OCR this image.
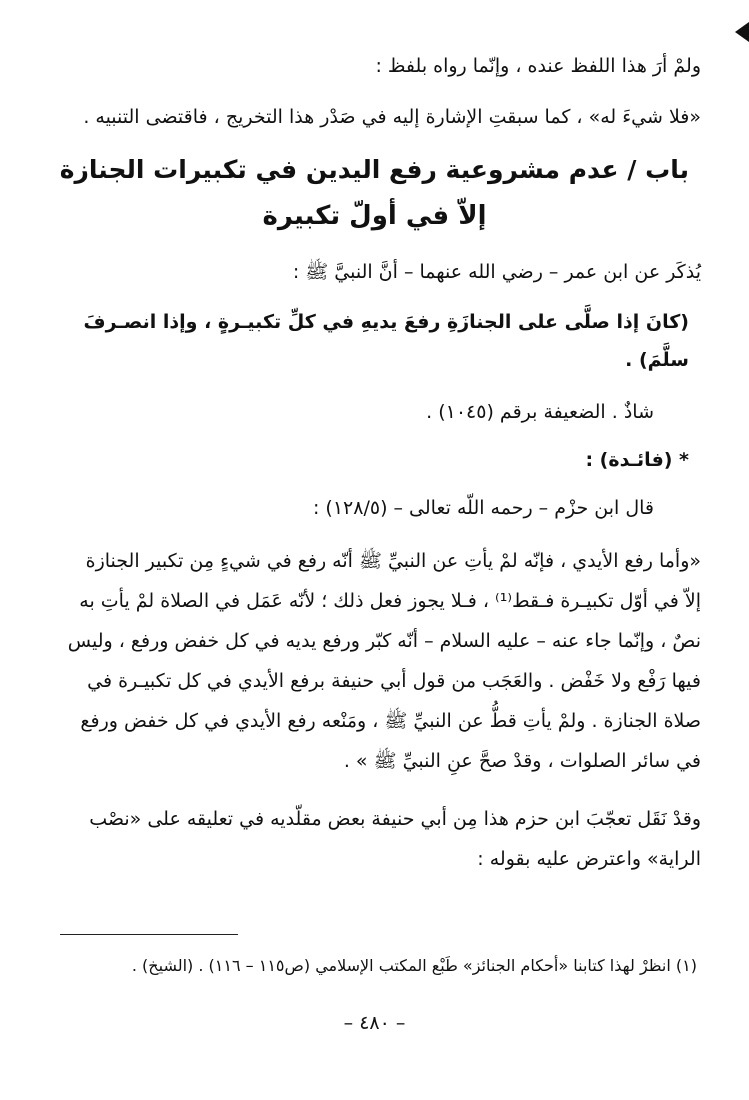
ولمْ أرَ هذا اللفظ عنده ، وإنّما رواه بلفظ :
«فلا شيءَ له» ، كما سبقتِ الإشارة إليه في صَدْر هذا التخريج ، فاقتضى التنبيه .
باب / عدم مشروعية رفع اليدين في تكبيرات الجنازة
إلاّ في أولّ تكبيرة
يُذكَر عن ابن عمر – رضي الله عنهما – أنَّ النبيَّ ﷺ :
(كانَ إذا صلَّى على الجنازَةِ رفعَ يديهِ في كلِّ تكبيـرةٍ ، وإذا انصـرفَ
سلَّمَ) .
شاذٌ . الضعيفة برقم (١٠٤٥) .
* (فائـدة) :
قال ابن حزْم – رحمه اللّه تعالى – (١٢٨/٥) :
«وأما رفع الأيدي ، فإنّه لمْ يأتِ عن النبيِّ ﷺ أنّه رفع في شيءٍ مِن تكبير الجنازة
إلاّ في أوّل تكبيـرة فـقط⁽¹⁾ ، فـلا يجوز فعل ذلك ؛ لأنّه عَمَل في الصلاة لمْ يأتِ به
نصٌ ، وإنّما جاء عنه – عليه السلام – أنّه كبّر ورفع يديه في كل خفض ورفع ، وليس
فيها رَفْع ولا خَفْض . والعَجَب من قول أبي حنيفة برفع الأيدي في كل تكبيـرة في
صلاة الجنازة . ولمْ يأتِ قطُّ عن النبيِّ ﷺ ، ومَنْعه رفع الأيدي في كل خفض ورفع
في سائر الصلوات ، وقدْ صحَّ عنِ النبيِّ ﷺ » .
وقدْ نَقَل تعجّبَ ابن حزم هذا مِن أبي حنيفة بعض مقلّديه في تعليقه على «نصْب
الراية» واعترض عليه بقوله :
(١) انظرْ لهذا كتابنا «أحكام الجنائز» طَبْع المكتب الإسلامي (ص١١٥ – ١١٦) . (الشيخ) .
– ٤٨٠ –
